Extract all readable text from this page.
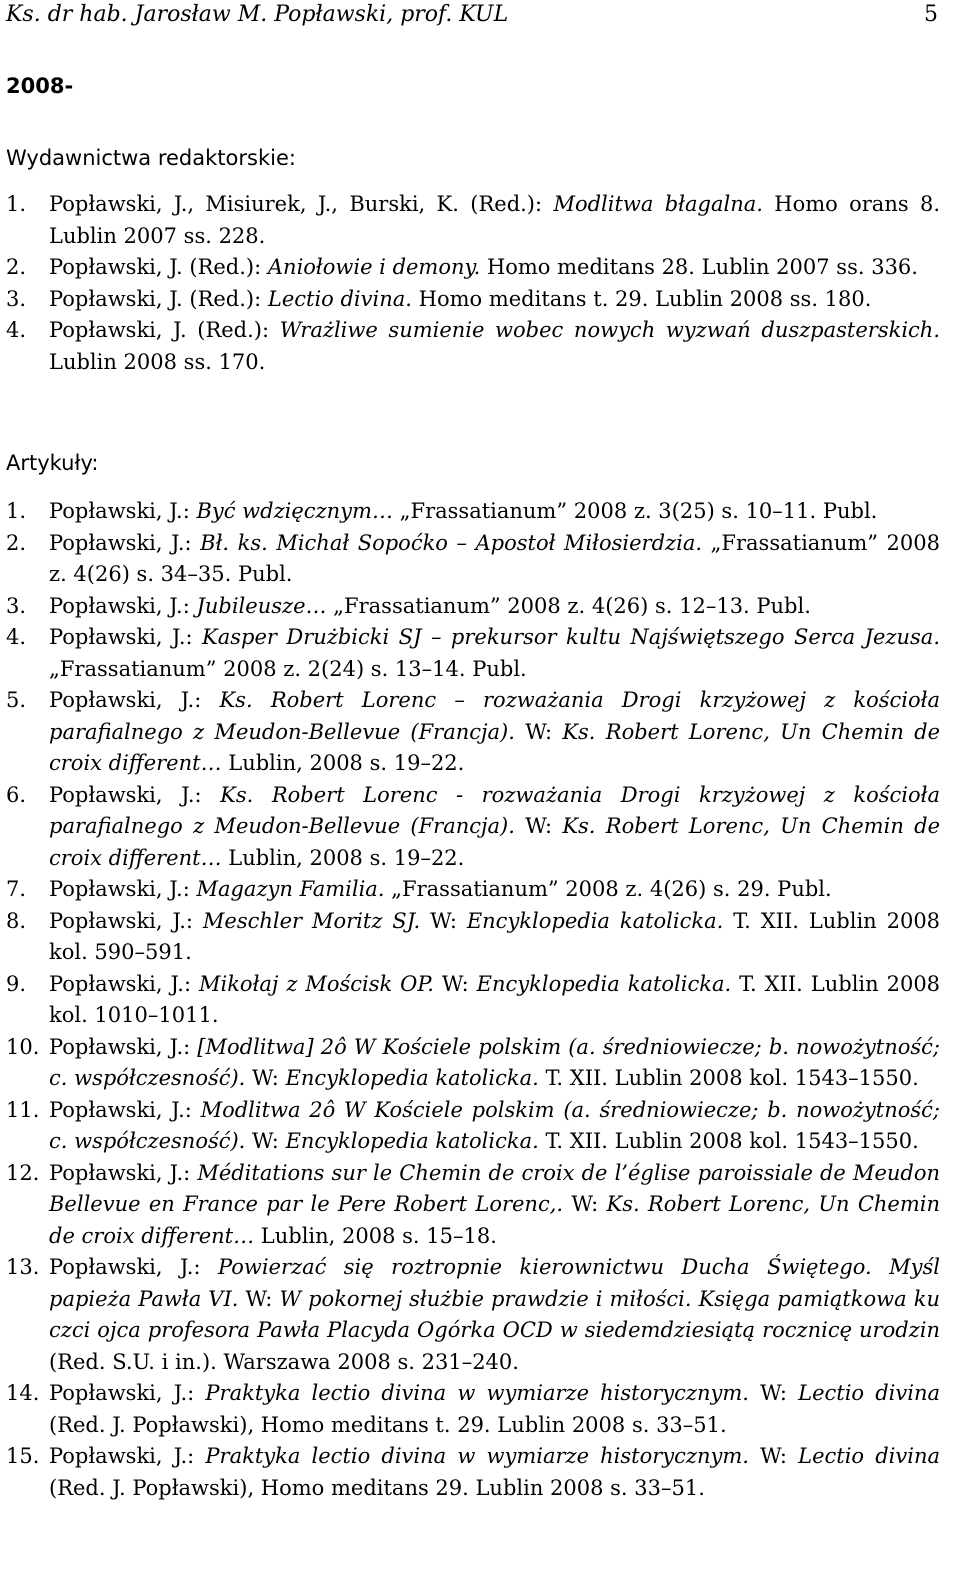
Ks. dr hab. Jarosław M. Popławski, prof. KUL	5
2008-
Wydawnictwa redaktorskie:
1. Popławski, J., Misiurek, J., Burski, K. (Red.): Modlitwa błagalna. Homo orans 8. Lublin 2007 ss. 228.
2. Popławski, J. (Red.): Aniołowie i demony. Homo meditans 28. Lublin 2007 ss. 336.
3. Popławski, J. (Red.): Lectio divina. Homo meditans t. 29. Lublin 2008 ss. 180.
4. Popławski, J. (Red.): Wrażliwe sumienie wobec nowych wyzwań duszpasterskich. Lublin 2008 ss. 170.
Artykuły:
1. Popławski, J.: Być wdzięcznym… „Frassatianum” 2008 z. 3(25) s. 10–11. Publ.
2. Popławski, J.: Bł. ks. Michał Sopoćko – Apostoł Miłosierdzia. „Frassatianum” 2008 z. 4(26) s. 34–35. Publ.
3. Popławski, J.: Jubileusze… „Frassatianum” 2008 z. 4(26) s. 12–13. Publ.
4. Popławski, J.: Kasper Drużbicki SJ – prekursor kultu Najświętszego Serca Jezusa. „Frassatianum” 2008 z. 2(24) s. 13–14. Publ.
5. Popławski, J.: Ks. Robert Lorenc – rozważania Drogi krzyżowej z kościoła parafialnego z Meudon-Bellevue (Francja). W: Ks. Robert Lorenc, Un Chemin de croix different… Lublin, 2008 s. 19–22.
6. Popławski, J.: Ks. Robert Lorenc - rozważania Drogi krzyżowej z kościoła parafialnego z Meudon-Bellevue (Francja). W: Ks. Robert Lorenc, Un Chemin de croix different… Lublin, 2008 s. 19–22.
7. Popławski, J.: Magazyn Familia. „Frassatianum” 2008 z. 4(26) s. 29. Publ.
8. Popławski, J.: Meschler Moritz SJ. W: Encyklopedia katolicka. T. XII. Lublin 2008 kol. 590–591.
9. Popławski, J.: Mikołaj z Mościsk OP. W: Encyklopedia katolicka. T. XII. Lublin 2008 kol. 1010–1011.
10. Popławski, J.: [Modlitwa] 2ô W Kościele polskim (a. średniowiecze; b. nowożytność; c. współczesność). W: Encyklopedia katolicka. T. XII. Lublin 2008 kol. 1543–1550.
11. Popławski, J.: Modlitwa 2ô W Kościele polskim (a. średniowiecze; b. nowożytność; c. współczesność). W: Encyklopedia katolicka. T. XII. Lublin 2008 kol. 1543–1550.
12. Popławski, J.: Méditations sur le Chemin de croix de l’église paroissiale de Meudon Bellevue en France par le Pere Robert Lorenc,. W: Ks. Robert Lorenc, Un Chemin de croix different… Lublin, 2008 s. 15–18.
13. Popławski, J.: Powierzać się roztropnie kierownictwu Ducha Świętego. Myśl papieża Pawła VI. W: W pokornej służbie prawdzie i miłości. Księga pamiątkowa ku czci ojca profesora Pawła Placyda Ogórka OCD w siedemdziesiątą rocznicę urodzin (Red. S.U. i in.). Warszawa 2008 s. 231–240.
14. Popławski, J.: Praktyka lectio divina w wymiarze historycznym. W: Lectio divina (Red. J. Popławski), Homo meditans t. 29. Lublin 2008 s. 33–51.
15. Popławski, J.: Praktyka lectio divina w wymiarze historycznym. W: Lectio divina (Red. J. Popławski), Homo meditans 29. Lublin 2008 s. 33–51.
